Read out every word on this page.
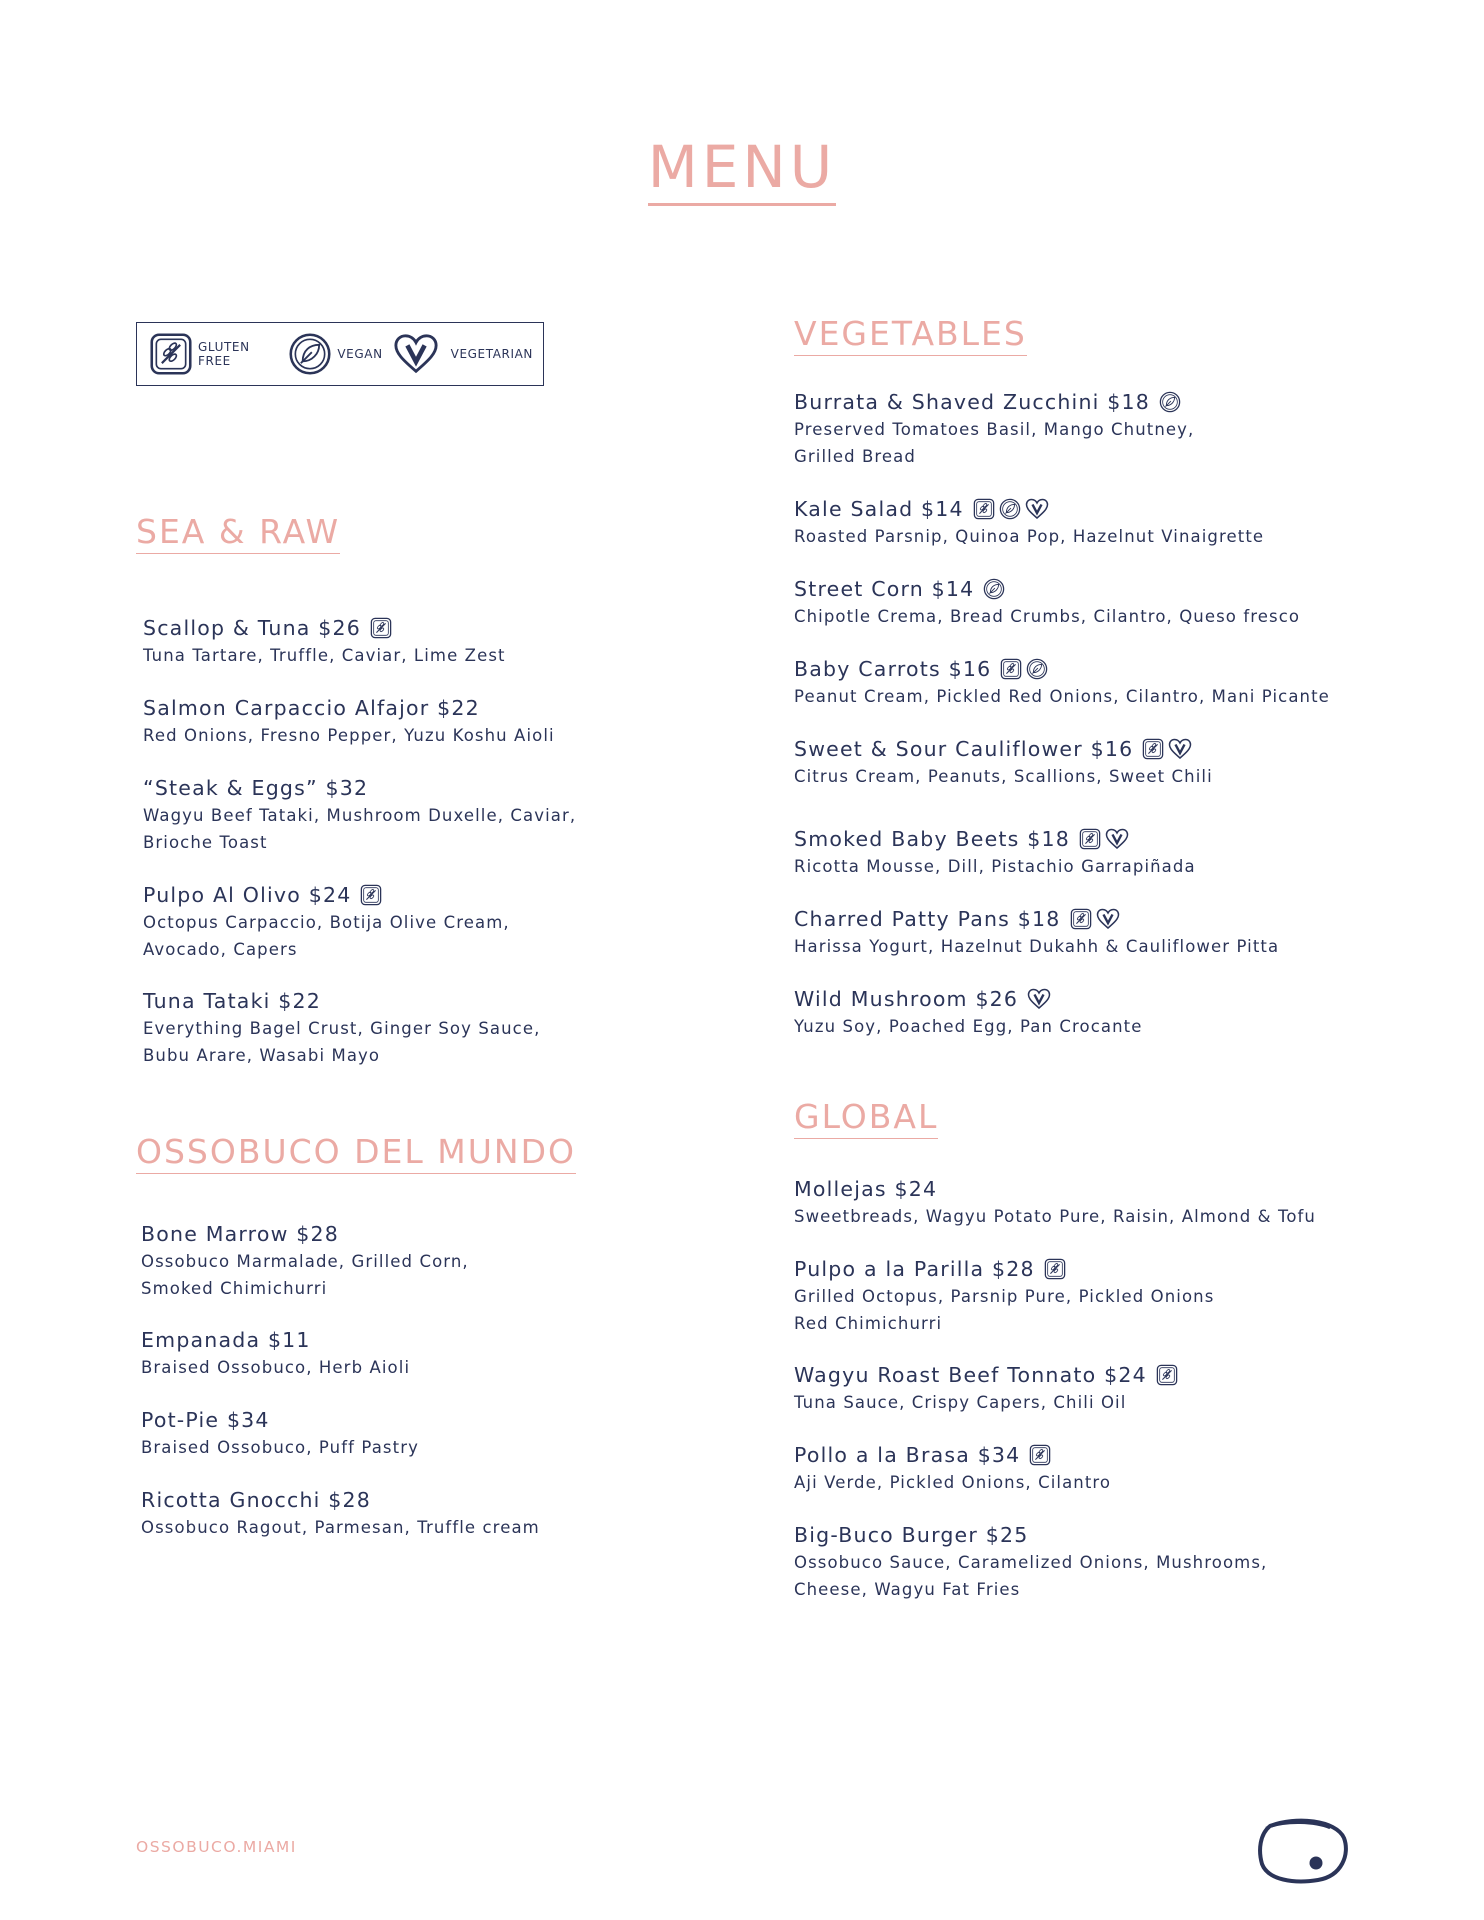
MENU
GLUTEN FREE	VEGAN	VEGETARIAN
SEA & RAW
OSSOBUCO DEL MUNDO
VEGETABLES
GLOBAL
Scallop & Tuna $26
Tuna Tartare, Truffle, Caviar, Lime Zest
Salmon Carpaccio Alfajor $22
Red Onions, Fresno Pepper, Yuzu Koshu Aioli
“Steak & Eggs” $32
Wagyu Beef Tataki, Mushroom Duxelle, Caviar,
Brioche Toast
Pulpo Al Olivo $24
Octopus Carpaccio, Botija Olive Cream,
Avocado, Capers
Tuna Tataki $22
Everything Bagel Crust, Ginger Soy Sauce,
Bubu Arare, Wasabi Mayo
Bone Marrow $28
Ossobuco Marmalade, Grilled Corn,
Smoked Chimichurri
Empanada $11
Braised Ossobuco, Herb Aioli
Pot-Pie $34
Braised Ossobuco, Puff Pastry
Ricotta Gnocchi $28
Ossobuco Ragout, Parmesan, Truffle cream
Burrata & Shaved Zucchini $18
Preserved Tomatoes Basil, Mango Chutney,
Grilled Bread
Kale Salad $14
Roasted Parsnip, Quinoa Pop, Hazelnut Vinaigrette
Street Corn $14
Chipotle Crema, Bread Crumbs, Cilantro, Queso fresco
Baby Carrots $16
Peanut Cream, Pickled Red Onions, Cilantro, Mani Picante
Sweet & Sour Cauliflower $16
Citrus Cream, Peanuts, Scallions, Sweet Chili
Smoked Baby Beets $18
Ricotta Mousse, Dill, Pistachio Garrapiñada
Charred Patty Pans $18
Harissa Yogurt, Hazelnut Dukahh & Cauliflower Pitta
Wild Mushroom $26
Yuzu Soy, Poached Egg, Pan Crocante
Mollejas $24
Sweetbreads, Wagyu Potato Pure, Raisin, Almond & Tofu
Pulpo a la Parilla $28
Grilled Octopus, Parsnip Pure, Pickled Onions
Red Chimichurri
Wagyu Roast Beef Tonnato $24
Tuna Sauce, Crispy Capers, Chili Oil
Pollo a la Brasa $34
Aji Verde, Pickled Onions, Cilantro
Big-Buco Burger $25
Ossobuco Sauce, Caramelized Onions, Mushrooms,
Cheese, Wagyu Fat Fries
OSSOBUCO.MIAMI
